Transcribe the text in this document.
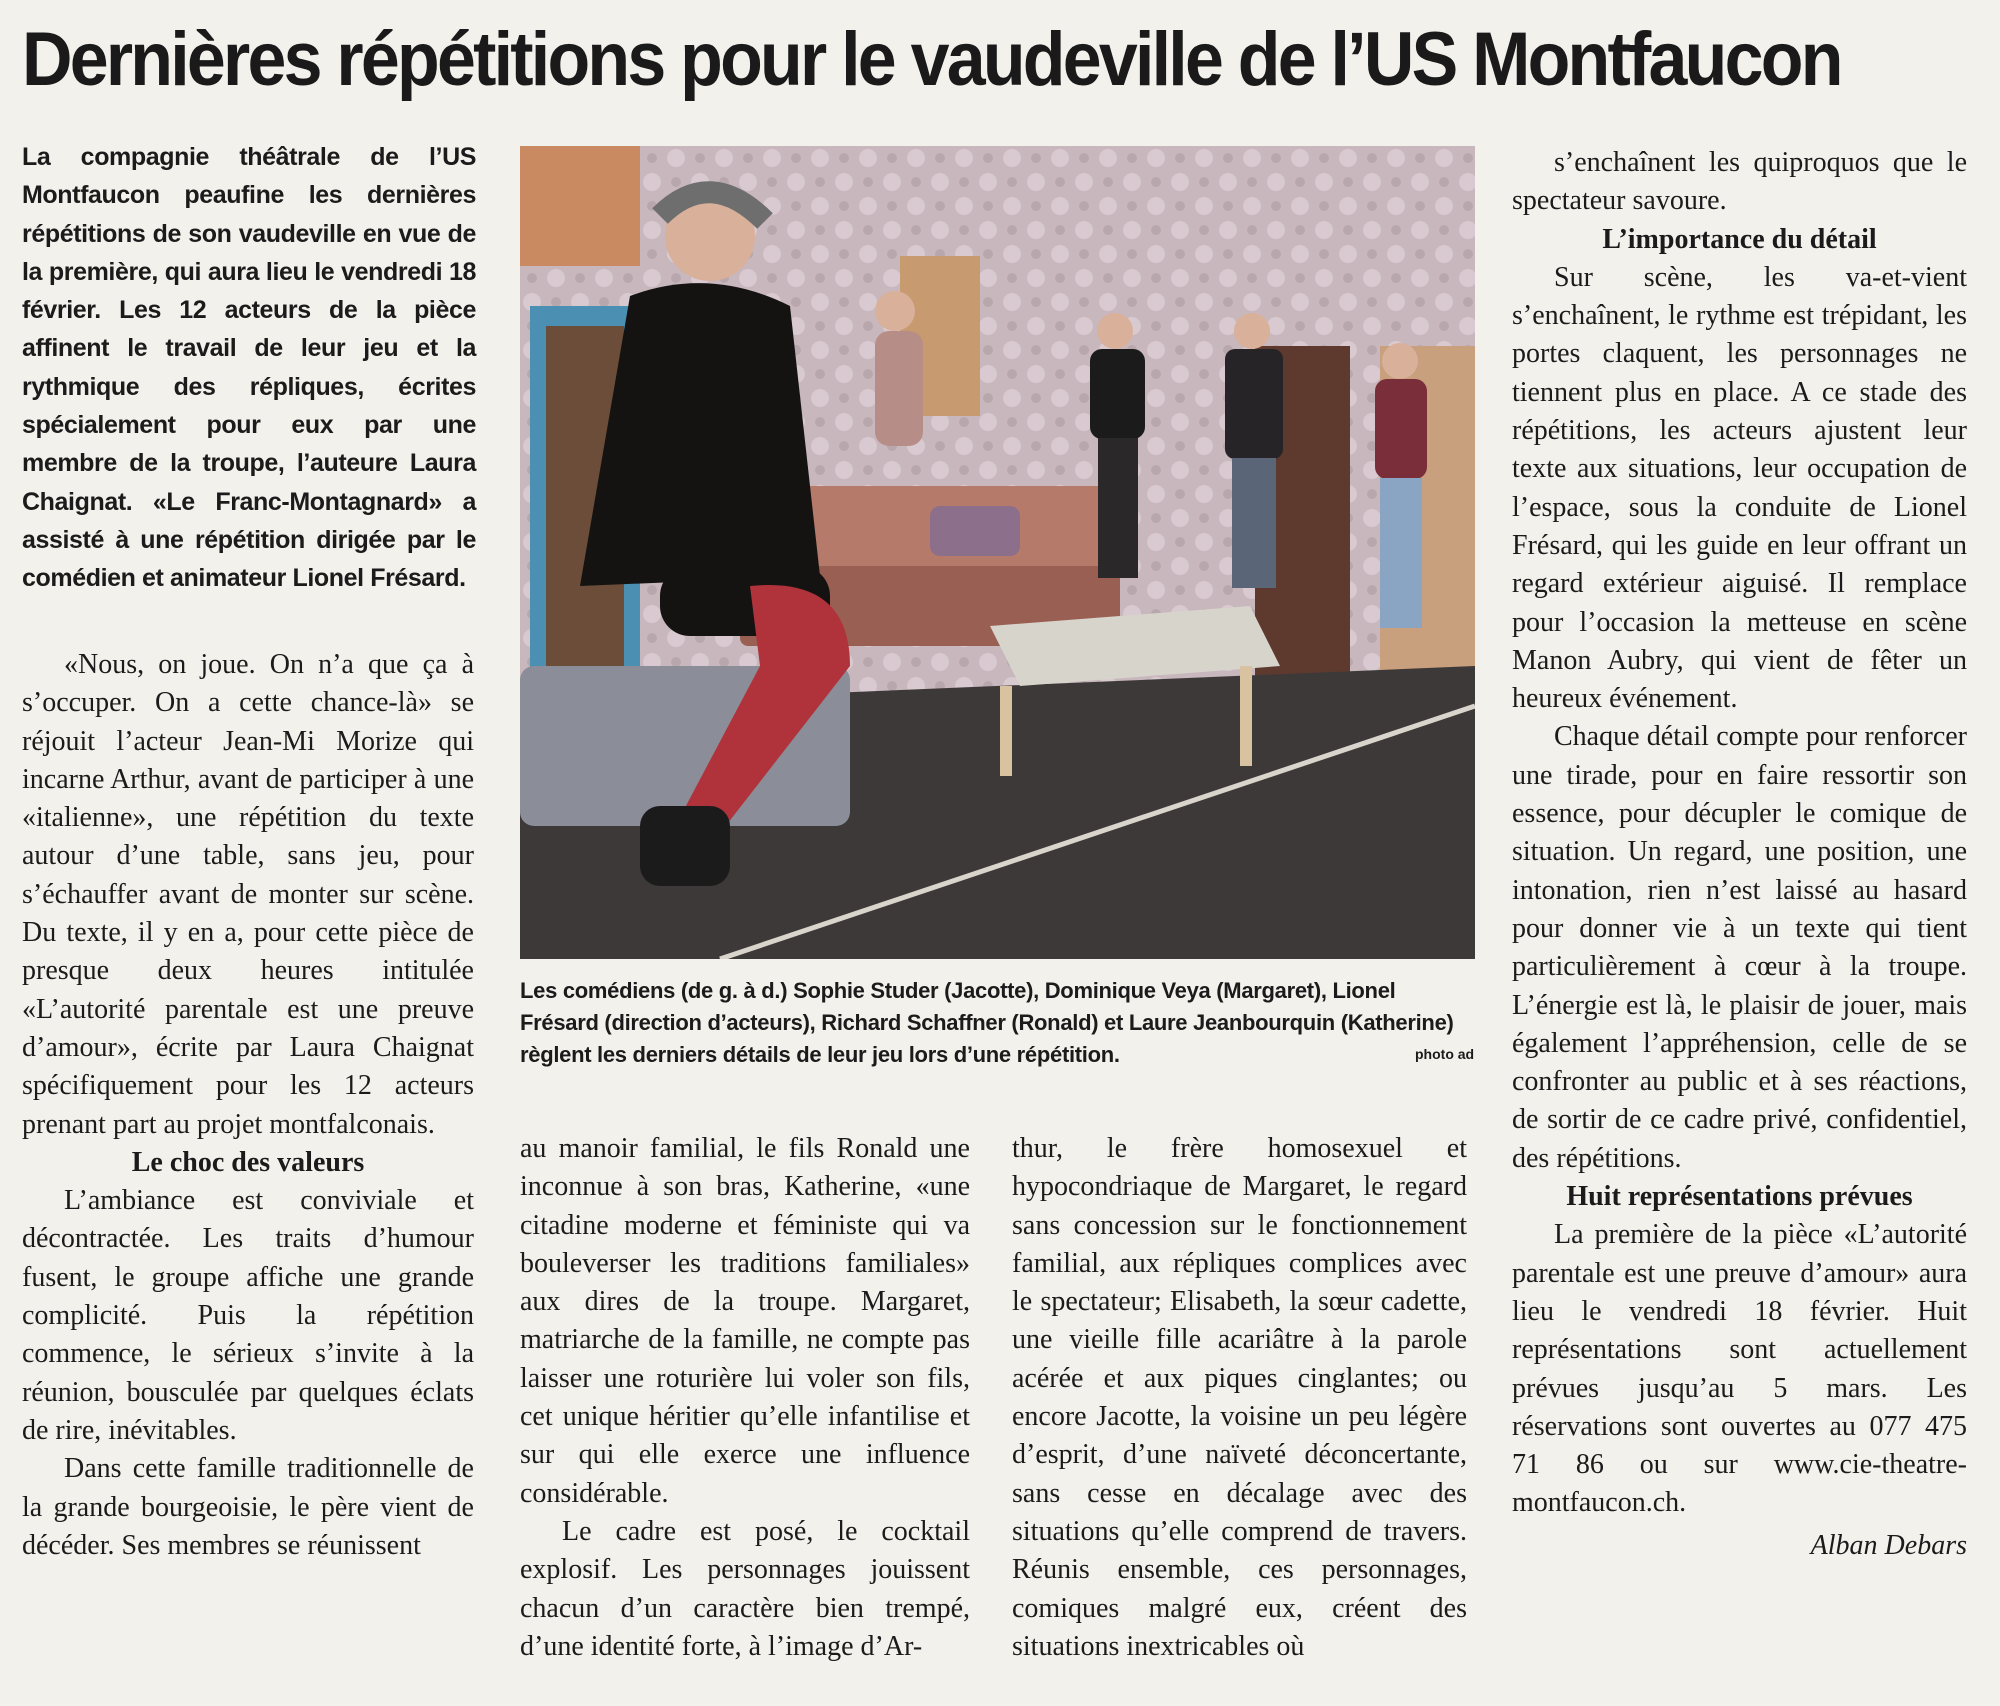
Dernières répétitions pour le vaudeville de l’US Montfaucon
La compagnie théâtrale de l’US Montfaucon peaufine les dernières répétitions de son vaudeville en vue de la première, qui aura lieu le vendredi 18 février. Les 12 acteurs de la pièce affinent le travail de leur jeu et la rythmique des répliques, écrites spécialement pour eux par une membre de la troupe, l’auteure Laura Chaignat. «Le Franc-Montagnard» a assisté à une répétition dirigée par le comédien et animateur Lionel Frésard.

«Nous, on joue. On n’a que ça à s’occuper. On a cette chance-là» se réjouit l’acteur Jean-Mi Morize qui incarne Arthur, avant de participer à une «italienne», une répétition du texte autour d’une table, sans jeu, pour s’échauffer avant de monter sur scène. Du texte, il y en a, pour cette pièce de presque deux heures intitulée «L’autorité parentale est une preuve d’amour», écrite par Laura Chaignat spécifiquement pour les 12 acteurs prenant part au projet montfalconais.

Le choc des valeurs

L’ambiance est conviviale et décontractée. Les traits d’humour fusent, le groupe affiche une grande complicité. Puis la répétition commence, le sérieux s’invite à la réunion, bousculée par quelques éclats de rire, inévitables.

Dans cette famille traditionnelle de la grande bourgeoisie, le père vient de décéder. Ses membres se réunissent

Les comédiens (de g. à d.) Sophie Studer (Jacotte), Dominique Veya (Margaret), Lionel Frésard (direction d’acteurs), Richard Schaffner (Ronald) et Laure Jeanbourquin (Katherine) règlent les derniers détails de leur jeu lors d’une répétition.	photo ad

au manoir familial, le fils Ronald une inconnue à son bras, Katherine, «une citadine moderne et féministe qui va bouleverser les traditions familiales» aux dires de la troupe. Margaret, matriarche de la famille, ne compte pas laisser une roturière lui voler son fils, cet unique héritier qu’elle infantilise et sur qui elle exerce une influence considérable.

Le cadre est posé, le cocktail explosif. Les personnages jouissent chacun d’un caractère bien trempé, d’une identité forte, à l’image d’Ar-

thur, le frère homosexuel et hypocondriaque de Margaret, le regard sans concession sur le fonctionnement familial, aux répliques complices avec le spectateur; Elisabeth, la sœur cadette, une vieille fille acariâtre à la parole acérée et aux piques cinglantes; ou encore Jacotte, la voisine un peu légère d’esprit, d’une naïveté déconcertante, sans cesse en décalage avec des situations qu’elle comprend de travers. Réunis ensemble, ces personnages, comiques malgré eux, créent des situations inextricables où

s’enchaînent les quiproquos que le spectateur savoure.

L’importance du détail

Sur scène, les va-et-vient s’enchaînent, le rythme est trépidant, les portes claquent, les personnages ne tiennent plus en place. A ce stade des répétitions, les acteurs ajustent leur texte aux situations, leur occupation de l’espace, sous la conduite de Lionel Frésard, qui les guide en leur offrant un regard extérieur aiguisé. Il remplace pour l’occasion la metteuse en scène Manon Aubry, qui vient de fêter un heureux événement.

Chaque détail compte pour renforcer une tirade, pour en faire ressortir son essence, pour décupler le comique de situation. Un regard, une position, une intonation, rien n’est laissé au hasard pour donner vie à un texte qui tient particulièrement à cœur à la troupe. L’énergie est là, le plaisir de jouer, mais également l’appréhension, celle de se confronter au public et à ses réactions, de sortir de ce cadre privé, confidentiel, des répétitions.

Huit représentations prévues

La première de la pièce «L’autorité parentale est une preuve d’amour» aura lieu le vendredi 18 février. Huit représentations sont actuellement prévues jusqu’au 5 mars. Les réservations sont ouvertes au 077 475 71 86 ou sur www.cie-theatre-montfaucon.ch.

Alban Debars
